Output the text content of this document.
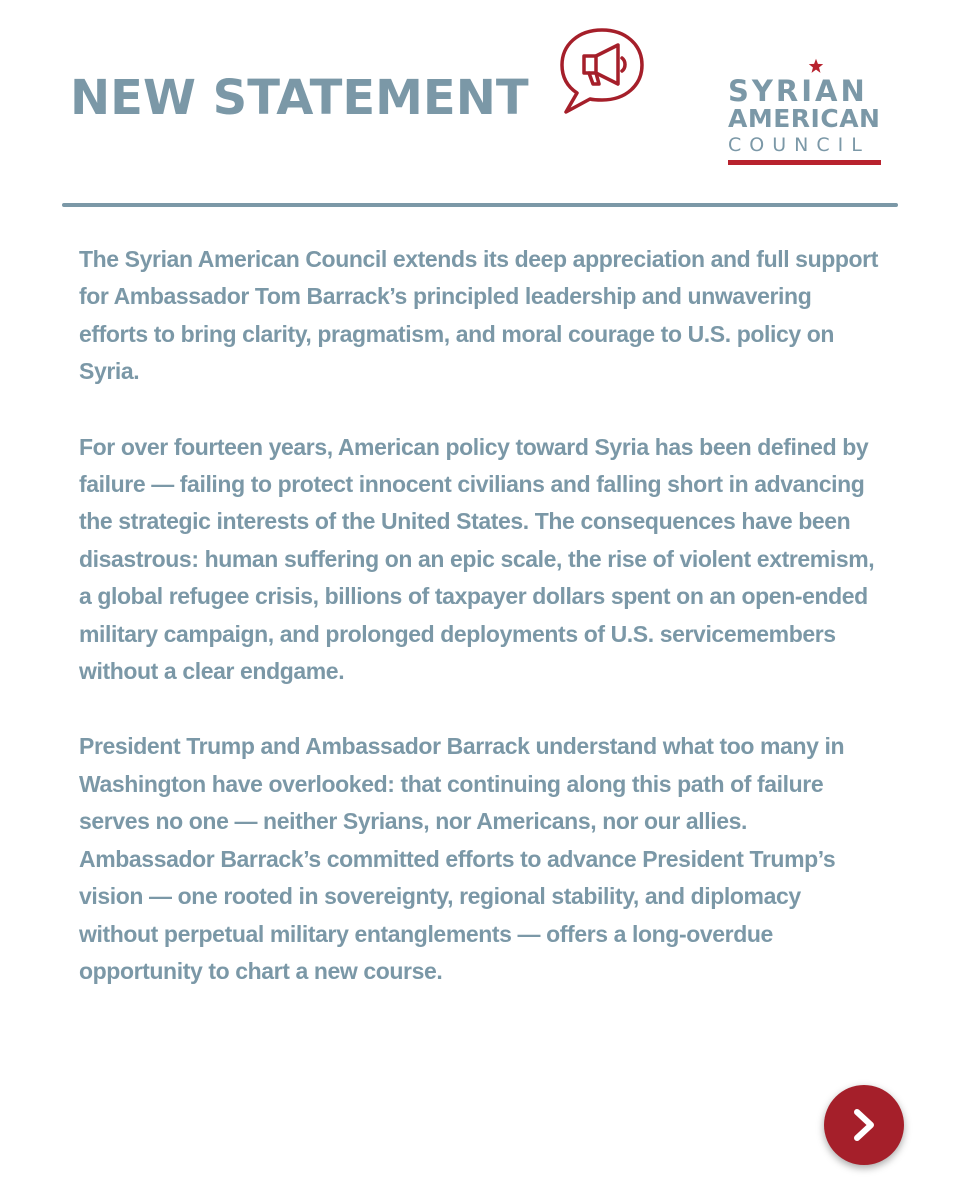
NEW STATEMENT	SYRIAN
AMERICAN
COUNCIL

The Syrian American Council extends its deep appreciation and full support for Ambassador Tom Barrack’s principled leadership and unwavering efforts to bring clarity, pragmatism, and moral courage to U.S. policy on Syria.

For over fourteen years, American policy toward Syria has been defined by failure — failing to protect innocent civilians and falling short in advancing the strategic interests of the United States. The consequences have been disastrous: human suffering on an epic scale, the rise of violent extremism, a global refugee crisis, billions of taxpayer dollars spent on an open-ended military campaign, and prolonged deployments of U.S. servicemembers without a clear endgame.

President Trump and Ambassador Barrack understand what too many in Washington have overlooked: that continuing along this path of failure serves no one — neither Syrians, nor Americans, nor our allies. Ambassador Barrack’s committed efforts to advance President Trump’s vision — one rooted in sovereignty, regional stability, and diplomacy without perpetual military entanglements — offers a long-overdue opportunity to chart a new course.
